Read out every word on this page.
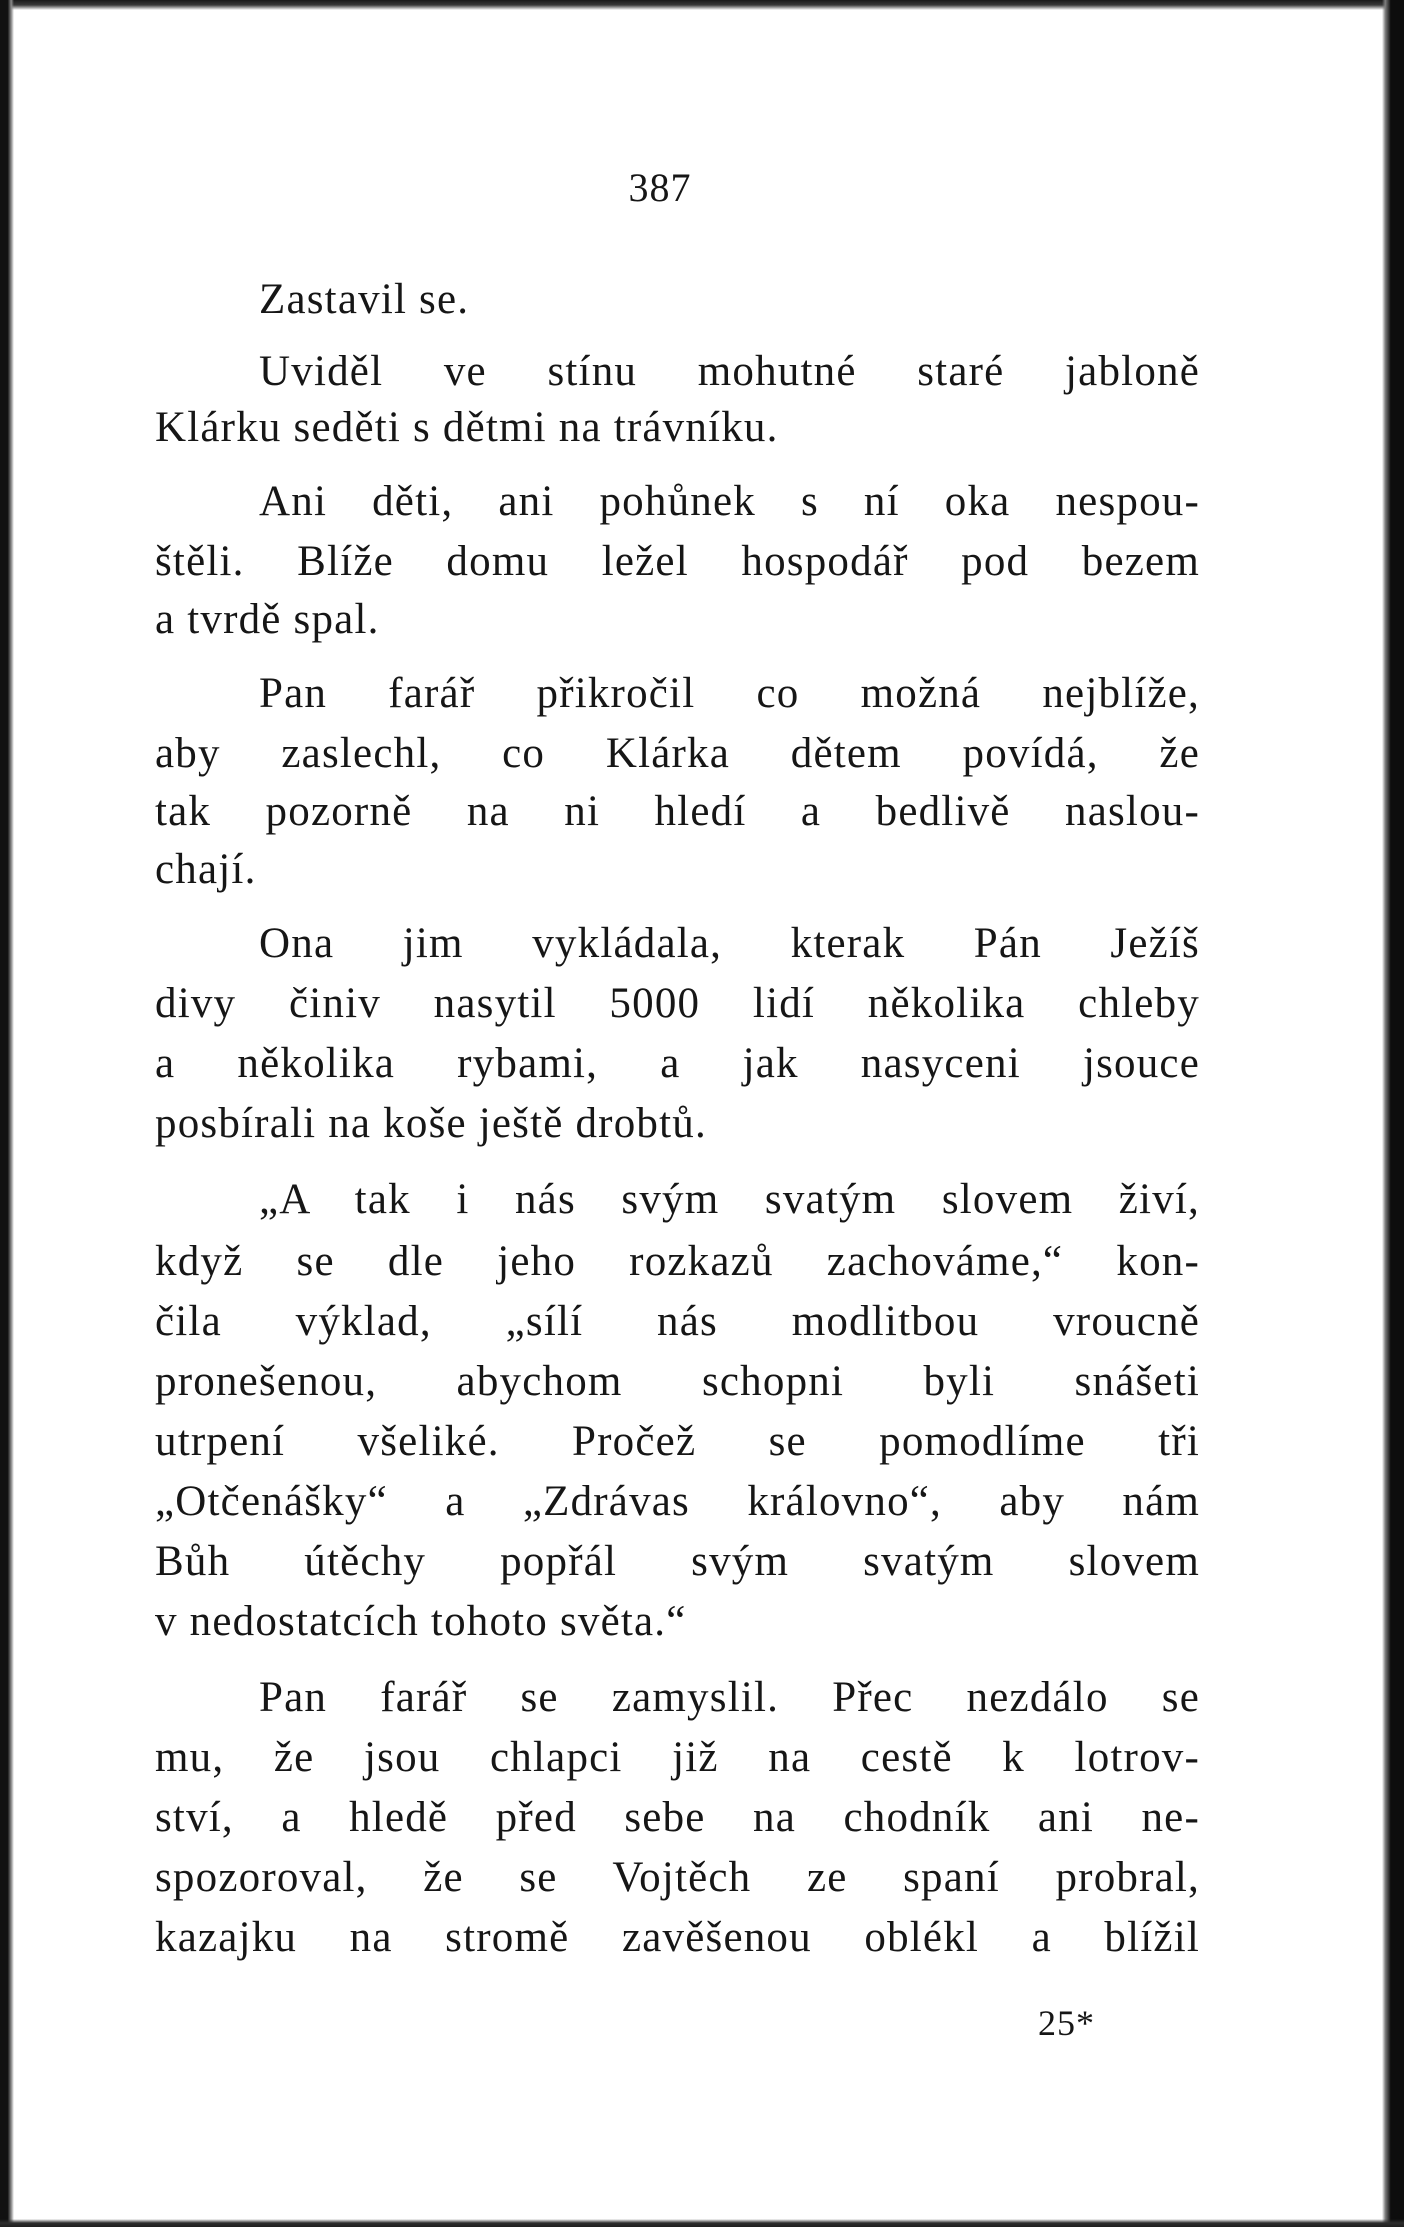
387
Zastavil se.
Uviděl ve stínu mohutné staré jabloně
Klárku seděti s dětmi na trávníku.
Ani děti, ani pohůnek s ní oka nespou-
štěli. Blíže domu ležel hospodář pod bezem
a tvrdě spal.
Pan farář přikročil co možná nejblíže,
aby zaslechl, co Klárka dětem povídá, že
tak pozorně na ni hledí a bedlivě naslou-
chají.
Ona jim vykládala, kterak Pán Ježíš
divy činiv nasytil 5000 lidí několika chleby
a několika rybami, a jak nasyceni jsouce
posbírali na koše ještě drobtů.
„A tak i nás svým svatým slovem živí,
když se dle jeho rozkazů zachováme,“ kon-
čila výklad, „sílí nás modlitbou vroucně
pronešenou, abychom schopni byli snášeti
utrpení všeliké. Pročež se pomodlíme tři
„Otčenášky“ a „Zdrávas královno“, aby nám
Bůh útěchy popřál svým svatým slovem
v nedostatcích tohoto světa.“
Pan farář se zamyslil. Přec nezdálo se
mu, že jsou chlapci již na cestě k lotrov-
ství, a hledě před sebe na chodník ani ne-
spozoroval, že se Vojtěch ze spaní probral,
kazajku na stromě zavěšenou oblékl a blížil
25*
